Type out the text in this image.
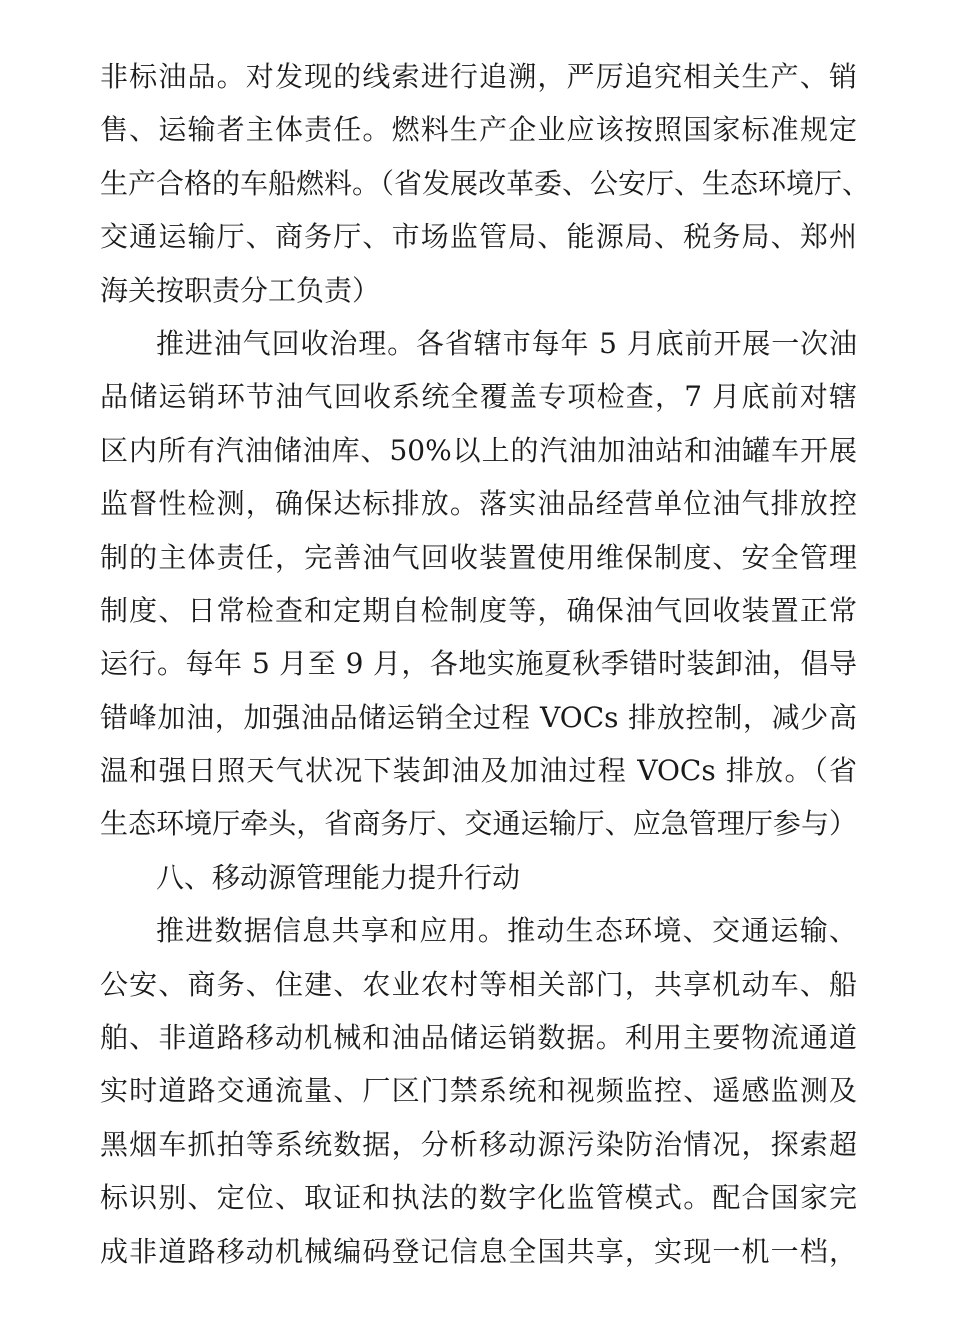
非标油品。对发现的线索进行追溯，严厉追究相关生产、销
售、运输者主体责任。燃料生产企业应该按照国家标准规定
生产合格的车船燃料。（省发展改革委、公安厅、生态环境厅、
交通运输厅、商务厅、市场监管局、能源局、税务局、郑州
海关按职责分工负责）
推进油气回收治理。各省辖市每年 5 月底前开展一次油
品储运销环节油气回收系统全覆盖专项检查，7 月底前对辖
区内所有汽油储油库、50%以上的汽油加油站和油罐车开展
监督性检测，确保达标排放。落实油品经营单位油气排放控
制的主体责任，完善油气回收装置使用维保制度、安全管理
制度、日常检查和定期自检制度等，确保油气回收装置正常
运行。每年 5 月至 9 月，各地实施夏秋季错时装卸油，倡导
错峰加油，加强油品储运销全过程 VOCs 排放控制，减少高
温和强日照天气状况下装卸油及加油过程 VOCs 排放。（省
生态环境厅牵头，省商务厅、交通运输厅、应急管理厅参与）
八、移动源管理能力提升行动
推进数据信息共享和应用。推动生态环境、交通运输、
公安、商务、住建、农业农村等相关部门，共享机动车、船
舶、非道路移动机械和油品储运销数据。利用主要物流通道
实时道路交通流量、厂区门禁系统和视频监控、遥感监测及
黑烟车抓拍等系统数据，分析移动源污染防治情况，探索超
标识别、定位、取证和执法的数字化监管模式。配合国家完
成非道路移动机械编码登记信息全国共享，实现一机一档，
